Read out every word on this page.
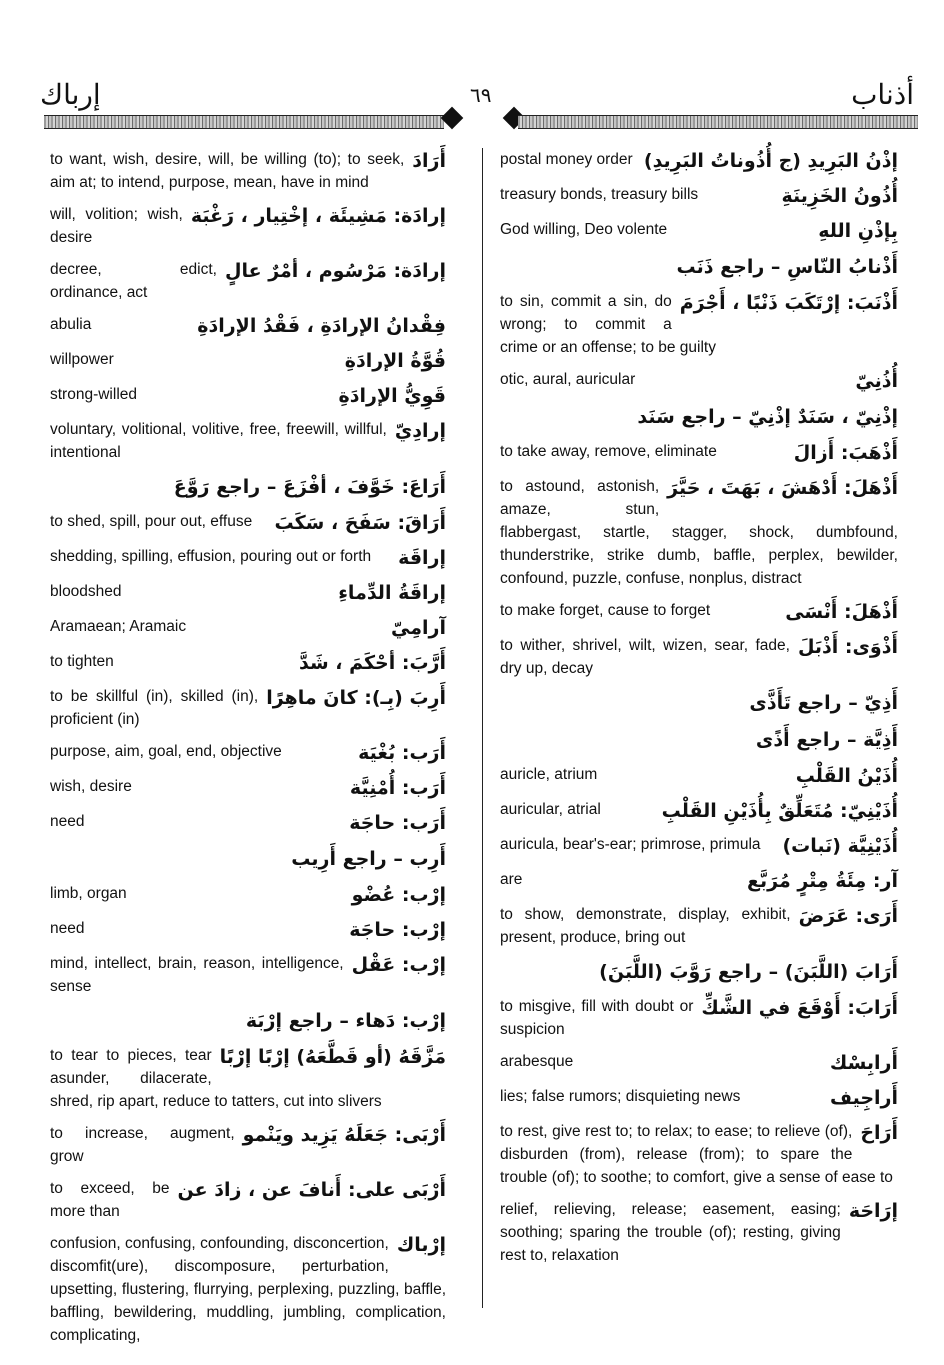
إرباك	٦٩	أذناب
أَرَادَ
to want, wish, desire, will, be willing (to); to seek, aim at; to intend, purpose, mean, have in mind
إرادَة: مَشِيئَة ، إخْتِيار ، رَغْبَة
will, volition; wish, desire
إرادَة: مَرْسُوم ، أمْرٌ عالٍ
decree, edict, ordinance, act
فِقْدانُ الإرادَةِ ، فَقْدُ الإرادَةِ
abulia
قُوَّةُ الإرادَةِ
willpower
قَوِيُّ الإرادَةِ
strong-willed
إرادِيّ
voluntary, volitional, volitive, free, freewill, willful, intentional
أَرَاعَ: خَوَّفَ ، أفْزَعَ – راجع رَوَّعَ
أَرَاقَ: سَفَحَ ، سَكَبَ
to shed, spill, pour out, effuse
إراقَة
shedding, spilling, effusion, pouring out or forth
إراقَةُ الدِّماءِ
bloodshed
آرامِيّ
Aramaean; Aramaic
أَرَّبَ: أحْكَمَ ، شَدَّ
to tighten
أَرِبَ (بِـ): كانَ ماهِرًا
to be skillful (in), skilled (in), proficient (in)
أَرَب: بُغْيَة
purpose, aim, goal, end, objective
أَرَب: أُمْنِيَّة
wish, desire
أَرَب: حاجَة
need
أَرِب – راجع أَرِيب
إرْب: عُضْو
limb, organ
إرْب: حاجَة
need
إرْب: عَقْل
mind, intellect, brain, reason, intelligence, sense
إرْب: دَهاء – راجع إرْبَة
مَزَّقَهُ (أو قَطَّعَهُ) إرْبًا إرْبًا
to tear to pieces, tear asunder, dilacerate, shred, rip apart, reduce to tatters, cut into slivers
أَرْبَى: جَعَلَهُ يَزِيد ويَنْمو
to increase, augment, grow
أَرْبَى على: أَنافَ عن ، زادَ عن
to exceed, be more than
إرْباك
confusion, confusing, confounding, disconcertion, discomfit(ure), discomposure, perturbation, upsetting, flustering, flurrying, perplexing, puzzling, baffle, baffling, bewildering, muddling, jumbling, complication, complicating,
إذْنُ البَرِيدِ (ج أُذُوناتُ البَرِيدِ)
postal money order
أُذُونُ الخَزِينَةِ
treasury bonds, treasury bills
بِإذْنِ اللهِ
God willing, Deo volente
أَذْنابُ النّاسِ – راجع ذَنَب
أَذْنَبَ: إرْتَكَبَ ذَنْبًا ، أَجْرَمَ
to sin, commit a sin, do wrong; to commit a crime or an offense; to be guilty
أُذُنِيّ
otic, aural, auricular
إذْنِيّ ، سَنَدٌ إذْنِيّ – راجع سَنَد
أَذْهَبَ: أَزالَ
to take away, remove, eliminate
أَذْهَلَ: أَدْهَشَ ، بَهَتَ ، حَيَّرَ
to astound, astonish, amaze, stun, flabbergast, startle, stagger, shock, dumbfound, thunderstrike, strike dumb, baffle, perplex, bewilder, confound, puzzle, confuse, nonplus, distract
أَذْهَلَ: أَنْسَى
to make forget, cause to forget
أَذْوَى: أَذْبَلَ
to wither, shrivel, wilt, wizen, sear, fade, dry up, decay
أَذِيّ – راجع تَأَذَّى
أَذِيَّة – راجع أَذًى
أُذَيْنُ القَلْبِ
auricle, atrium
أُذَيْنِيّ: مُتَعَلِّقٌ بِأُذَيْنِ القَلْبِ
auricular, atrial
أُذَيْنِيَّة (نَبات)
auricula, bear's-ear; primrose, primula
آر: مِئَةُ مِتْرٍ مُرَبَّع
are
أَرَى: عَرَضَ
to show, demonstrate, display, exhibit, present, produce, bring out
أَرَابَ (اللَّبَنَ) – راجع رَوَّبَ (اللَّبَنَ)
أَرَابَ: أَوْقَعَ في الشَّكِّ
to misgive, fill with doubt or suspicion
أَرابِسْك
arabesque
أَراجِيف
lies; false rumors; disquieting news
أَرَاحَ
to rest, give rest to; to relax; to ease; to relieve (of), disburden (from), release (from); to spare the trouble (of); to soothe; to comfort, give a sense of ease to
إرَاحَة
relief, relieving, release; easement, easing; soothing; sparing the trouble (of); resting, giving rest to, relaxation
